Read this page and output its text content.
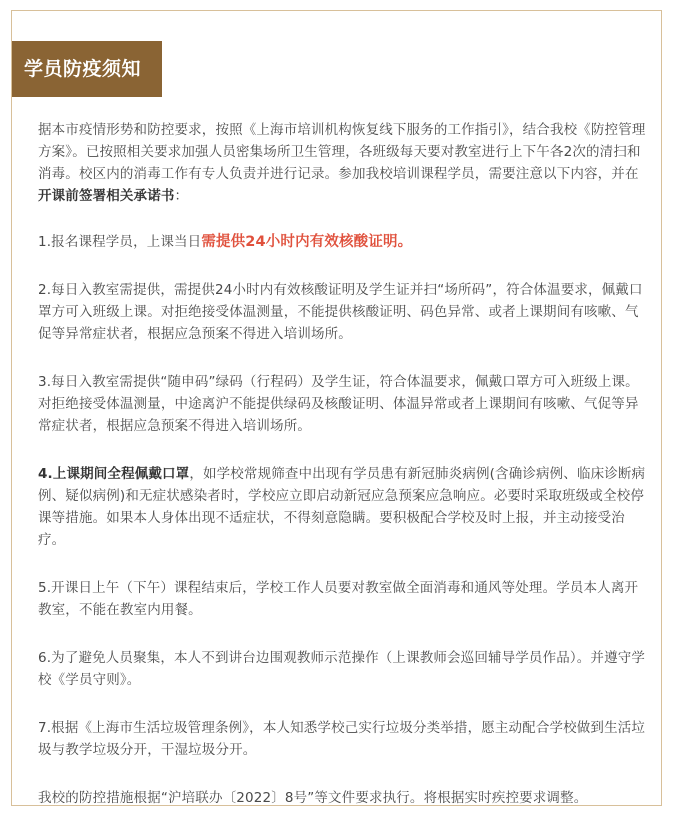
学员防疫须知

据本市疫情形势和防控要求，按照《上海市培训机构恢复线下服务的工作指引》，结合我校《防控管理方案》。已按照相关要求加强人员密集场所卫生管理，各班级每天要对教室进行上下午各2次的清扫和消毒。校区内的消毒工作有专人负责并进行记录。参加我校培训课程学员，需要注意以下内容，并在开课前签署相关承诺书：

1.报名课程学员，上课当日需提供24小时内有效核酸证明。

2.每日入教室需提供，需提供24小时内有效核酸证明及学生证并扫“场所码”，符合体温要求，佩戴口罩方可入班级上课。对拒绝接受体温测量，不能提供核酸证明、码色异常、或者上课期间有咳嗽、气促等异常症状者，根据应急预案不得进入培训场所。

3.每日入教室需提供“随申码”绿码（行程码）及学生证，符合体温要求，佩戴口罩方可入班级上课。对拒绝接受体温测量，中途离沪不能提供绿码及核酸证明、体温异常或者上课期间有咳嗽、气促等异常症状者，根据应急预案不得进入培训场所。

4.上课期间全程佩戴口罩，如学校常规筛查中出现有学员患有新冠肺炎病例(含确诊病例、临床诊断病例、疑似病例)和无症状感染者时，学校应立即启动新冠应急预案应急响应。必要时采取班级或全校停课等措施。如果本人身体出现不适症状，不得刻意隐瞒。要积极配合学校及时上报，并主动接受治疗。

5.开课日上午（下午）课程结束后，学校工作人员要对教室做全面消毒和通风等处理。学员本人离开教室，不能在教室内用餐。

6.为了避免人员聚集，本人不到讲台边围观教师示范操作（上课教师会巡回辅导学员作品）。并遵守学校《学员守则》。

7.根据《上海市生活垃圾管理条例》，本人知悉学校己实行垃圾分类举措，愿主动配合学校做到生活垃圾与教学垃圾分开，干湿垃圾分开。

我校的防控措施根据“沪培联办〔2022〕8号”等文件要求执行。将根据实时疾控要求调整。
